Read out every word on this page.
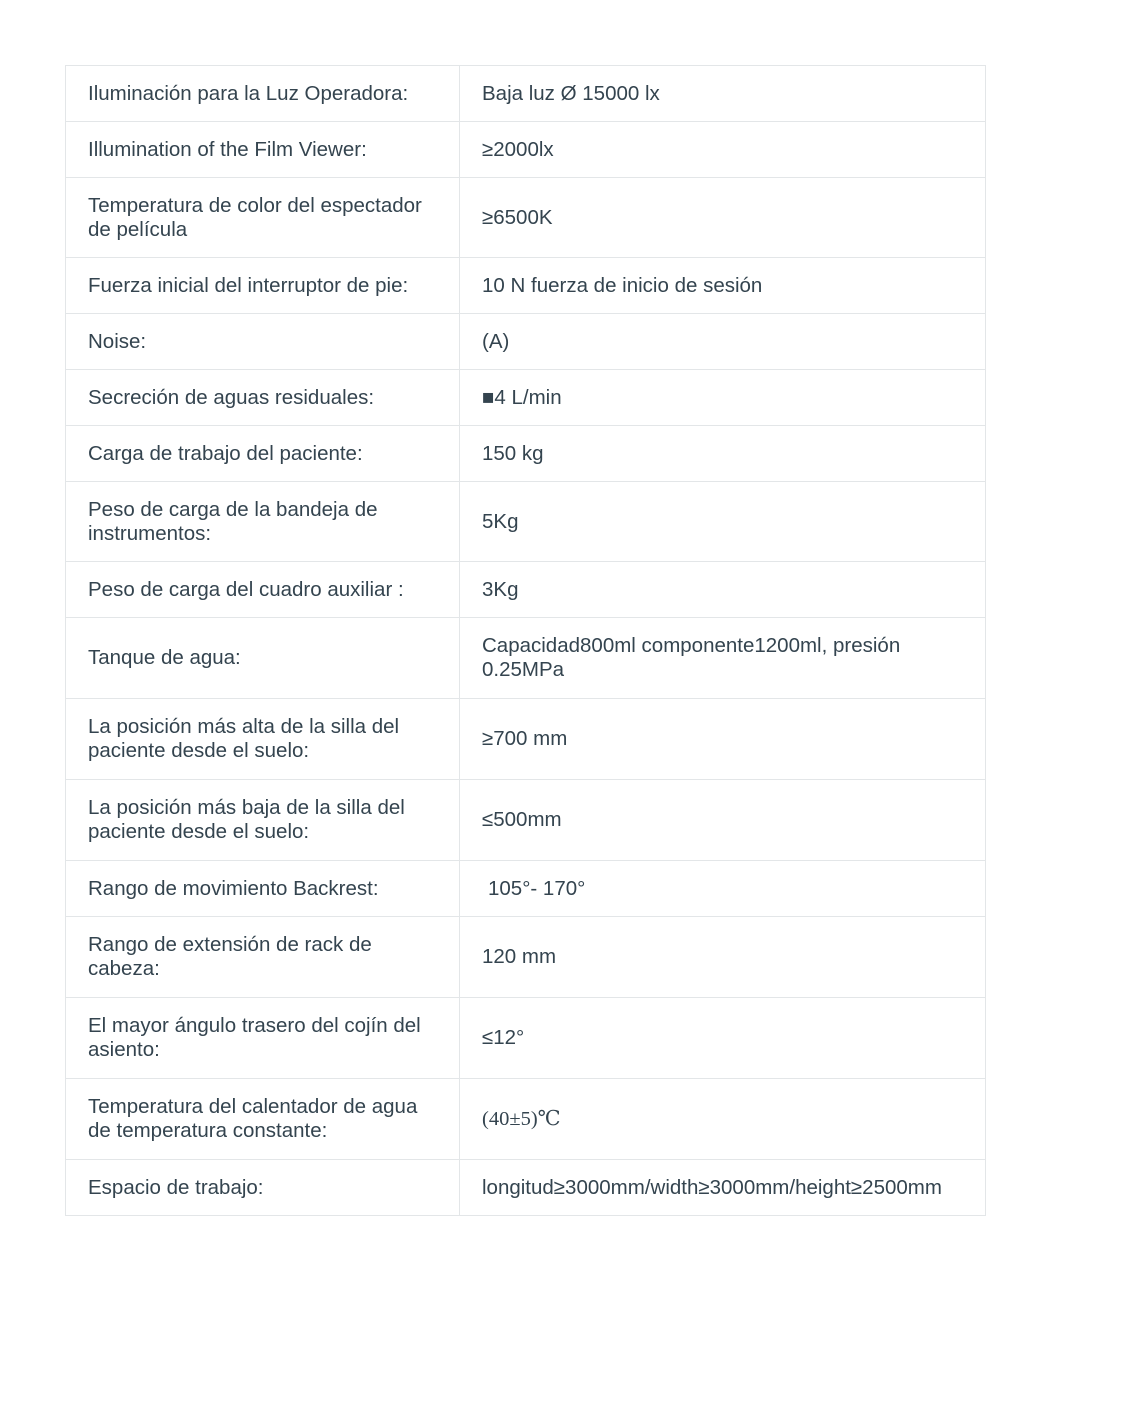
Iluminación para la Luz Operadora:	Baja luz Ø 15000 lx
Illumination of the Film Viewer:	≥2000lx
Temperatura de color del espectador de película	≥6500K
Fuerza inicial del interruptor de pie:	10 N fuerza de inicio de sesión
Noise:	(A)
Secreción de aguas residuales:	■4 L/min
Carga de trabajo del paciente:	150 kg
Peso de carga de la bandeja de instrumentos:	5Kg
Peso de carga del cuadro auxiliar :	3Kg
Tanque de agua:	Capacidad800ml componente1200ml, presión 0.25MPa
La posición más alta de la silla del paciente desde el suelo:	≥700 mm
La posición más baja de la silla del paciente desde el suelo:	≤500mm
Rango de movimiento Backrest:	105°- 170°
Rango de extensión de rack de cabeza:	120 mm
El mayor ángulo trasero del cojín del asiento:	≤12°
Temperatura del calentador de agua de temperatura constante:	(40±5)℃
Espacio de trabajo:	longitud≥3000mm/width≥3000mm/height≥2500mm
